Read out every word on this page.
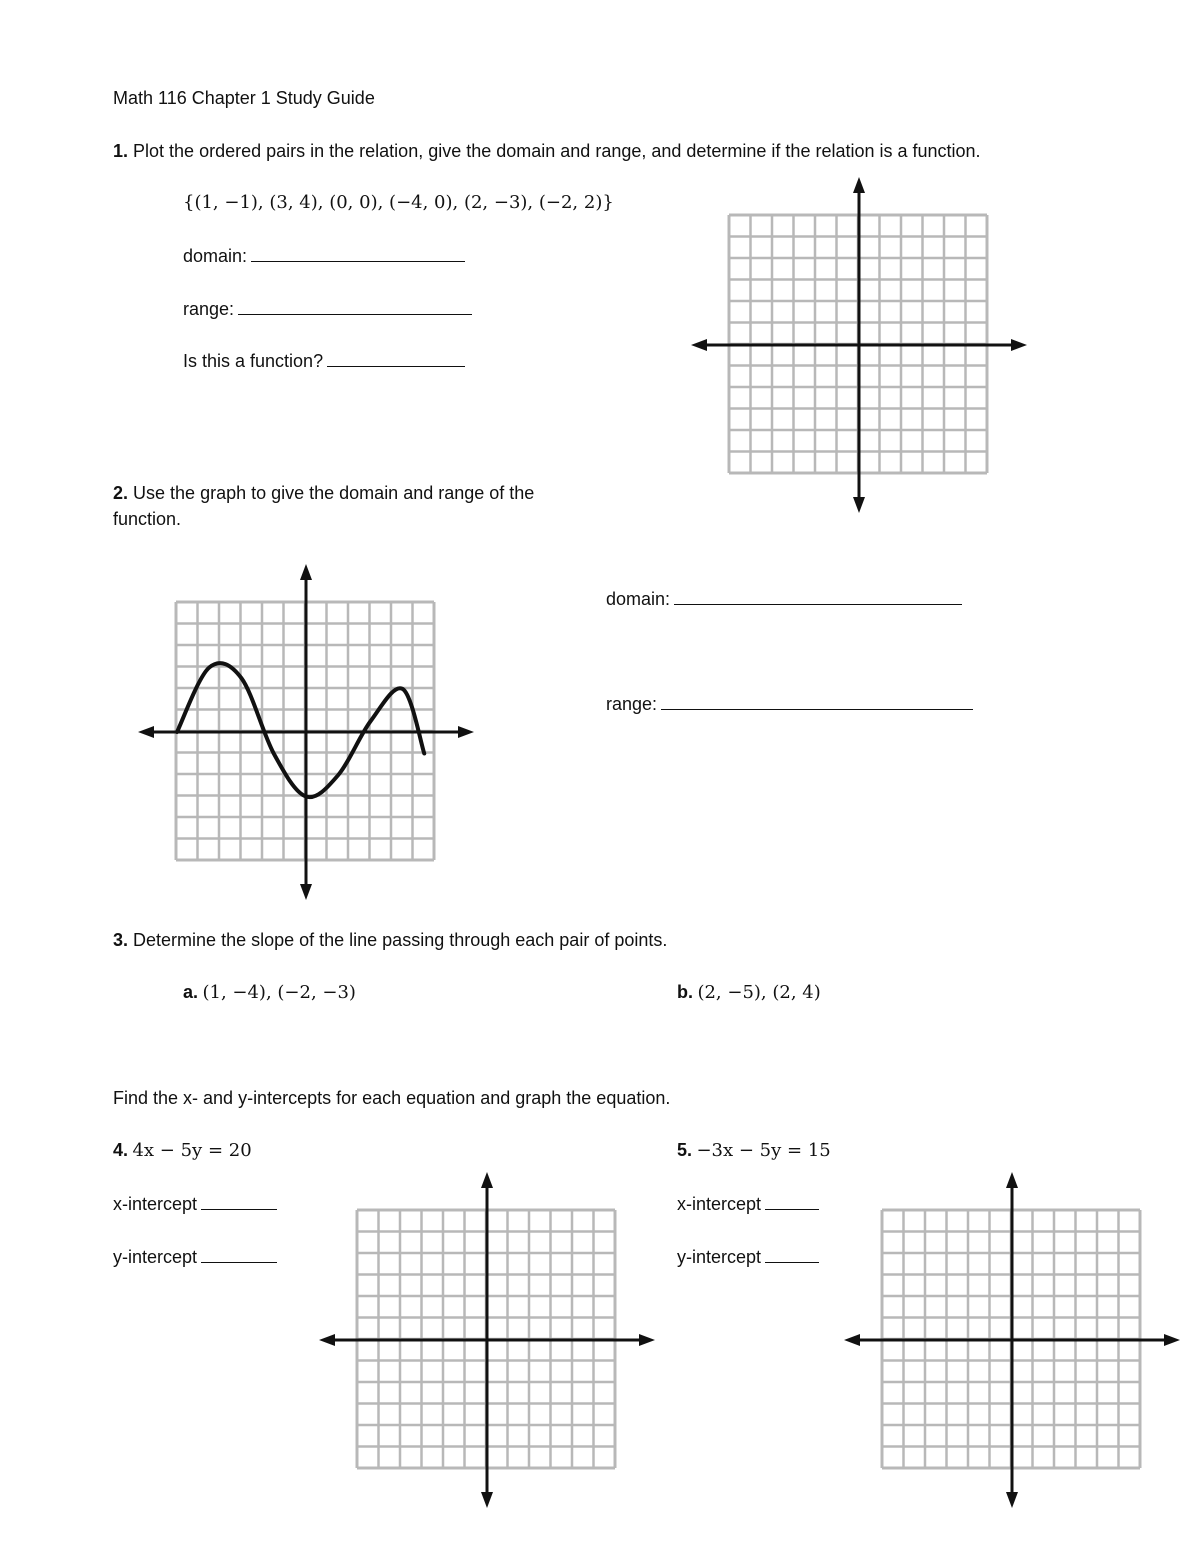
Math 116 Chapter 1 Study Guide
1. Plot the ordered pairs in the relation, give the domain and range, and determine if the relation is a function.
{(1, −1), (3, 4), (0, 0), (−4, 0), (2, −3), (−2, 2)}
domain:
range:
Is this a function?
2. Use the graph to give the domain and range of the
function.
domain:
range:
3. Determine the slope of the line passing through each pair of points.
a. (1, −4), (−2, −3)	b. (2, −5), (2, 4)
Find the x- and y-intercepts for each equation and graph the equation.
4. 4x − 5y = 20
x-intercept
y-intercept
5. −3x − 5y = 15
x-intercept
y-intercept
